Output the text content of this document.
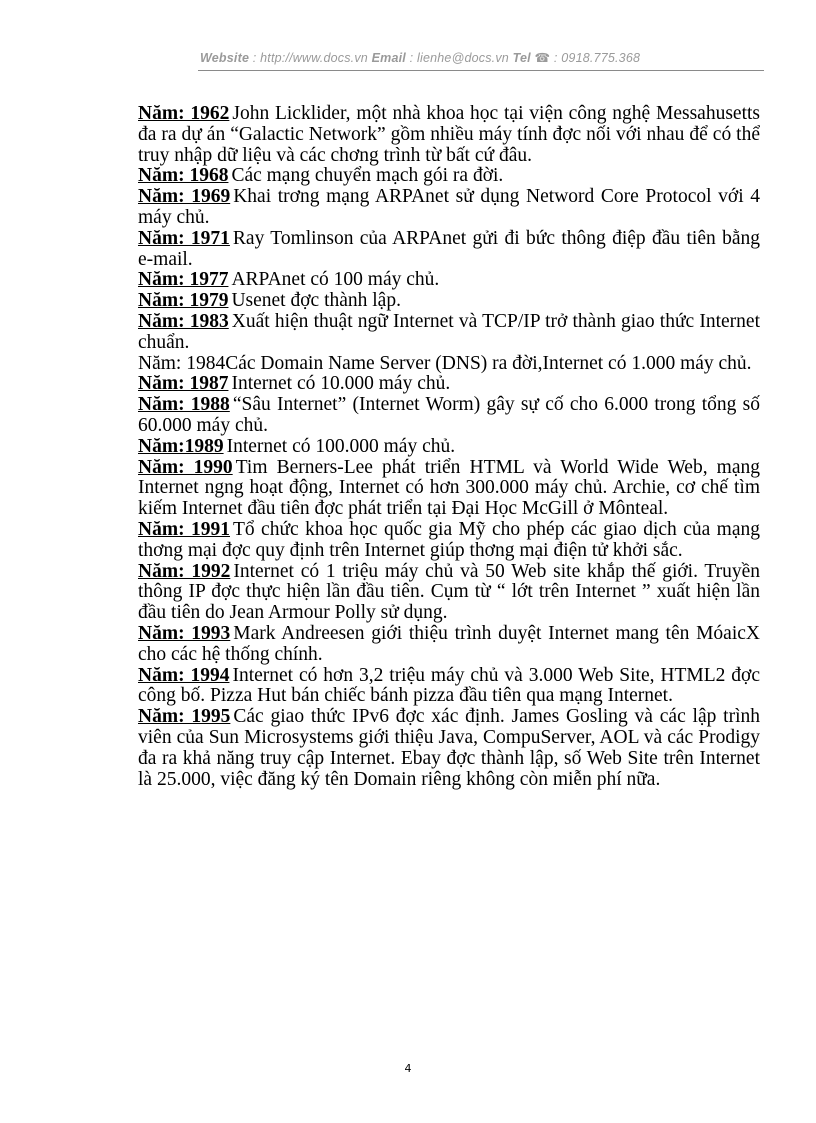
Website : http://www.docs.vn Email : lienhe@docs.vn Tel ☎ : 0918.775.368

Năm: 1962 John Licklider, một nhà khoa học tại viện công nghệ Messahusetts đa ra dự án “Galactic Network” gồm nhiều máy tính đợc nối với nhau để có thể truy nhập dữ liệu và các chơng trình từ bất cứ đâu.

Năm: 1968 Các mạng chuyển mạch gói ra đời.

Năm: 1969 Khai trơng mạng ARPAnet sử dụng Netword Core Protocol với 4 máy chủ.

Năm: 1971 Ray Tomlinson của ARPAnet gửi đi bức thông điệp đầu tiên bằng e-mail.

Năm: 1977 ARPAnet có 100 máy chủ.

Năm: 1979 Usenet đợc thành lập.

Năm: 1983 Xuất hiện thuật ngữ Internet và TCP/IP trở thành giao thức Internet chuẩn.

Năm: 1984Các Domain Name Server (DNS) ra đời,Internet có 1.000 máy chủ.

Năm: 1987 Internet có 10.000 máy chủ.

Năm: 1988 “Sâu Internet” (Internet Worm) gây sự cố cho 6.000 trong tổng số 60.000 máy chủ.

Năm:1989 Internet có 100.000 máy chủ.

Năm: 1990 Tim Berners-Lee phát triển HTML và World Wide Web, mạng Internet ngng hoạt động, Internet có hơn 300.000 máy chủ. Archie, cơ chế tìm kiếm Internet đầu tiên đợc phát triển tại Đại Học McGill ở Mônteal.

Năm: 1991 Tổ chức khoa học quốc gia Mỹ cho phép các giao dịch của mạng thơng mại đợc quy định trên Internet giúp thơng mại điện tử khởi sắc.

Năm: 1992 Internet có 1 triệu máy chủ và 50 Web site khắp thế giới. Truyền thông IP đợc thực hiện lần đầu tiên. Cụm từ “ lớt trên Internet ” xuất hiện lần đầu tiên do Jean Armour Polly sử dụng.

Năm: 1993 Mark Andreesen giới thiệu trình duyệt Internet mang tên MóaicX cho các hệ thống chính.

Năm: 1994 Internet có hơn 3,2 triệu máy chủ và 3.000 Web Site, HTML2 đợc công bố. Pizza Hut bán chiếc bánh pizza đầu tiên qua mạng Internet.

Năm: 1995 Các giao thức IPv6 đợc xác định. James Gosling và các lập trình viên của Sun Microsystems giới thiệu Java, CompuServer, AOL và các Prodigy đa ra khả năng truy cập Internet. Ebay đợc thành lập, số Web Site trên Internet là 25.000, việc đăng ký tên Domain riêng không còn miễn phí nữa.

4
